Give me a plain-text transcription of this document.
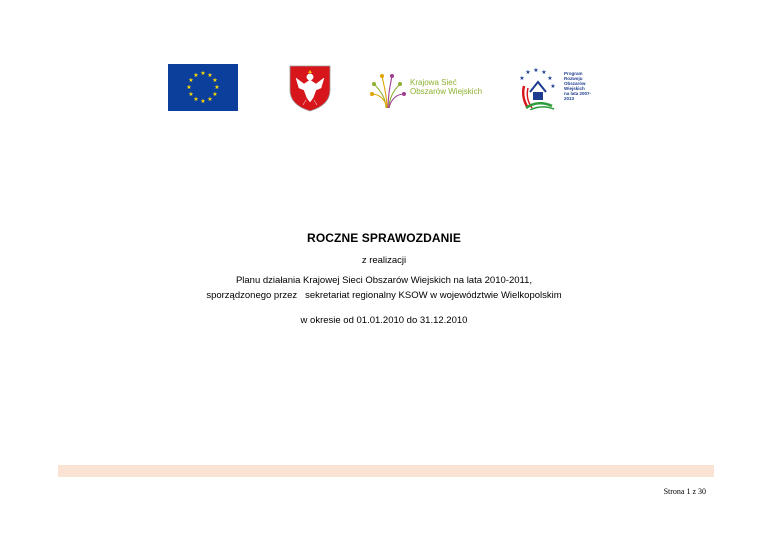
★ ★
★
★
★
★
★
★
★
★
★
★
Krajowa Sieć
Obszarów Wiejskich
★
★ ★ ★
★
★
Program
Rozwoju
Obszarów
Wiejskich
na lata 2007-2013
ROCZNE SPRAWOZDANIE
z realizacji
Planu działania Krajowej Sieci Obszarów Wiejskich na lata 2010-2011,
sporządzonego przez   sekretariat regionalny KSOW w województwie Wielkopolskim
w okresie od 01.01.2010 do 31.12.2010
Strona 1 z 30
